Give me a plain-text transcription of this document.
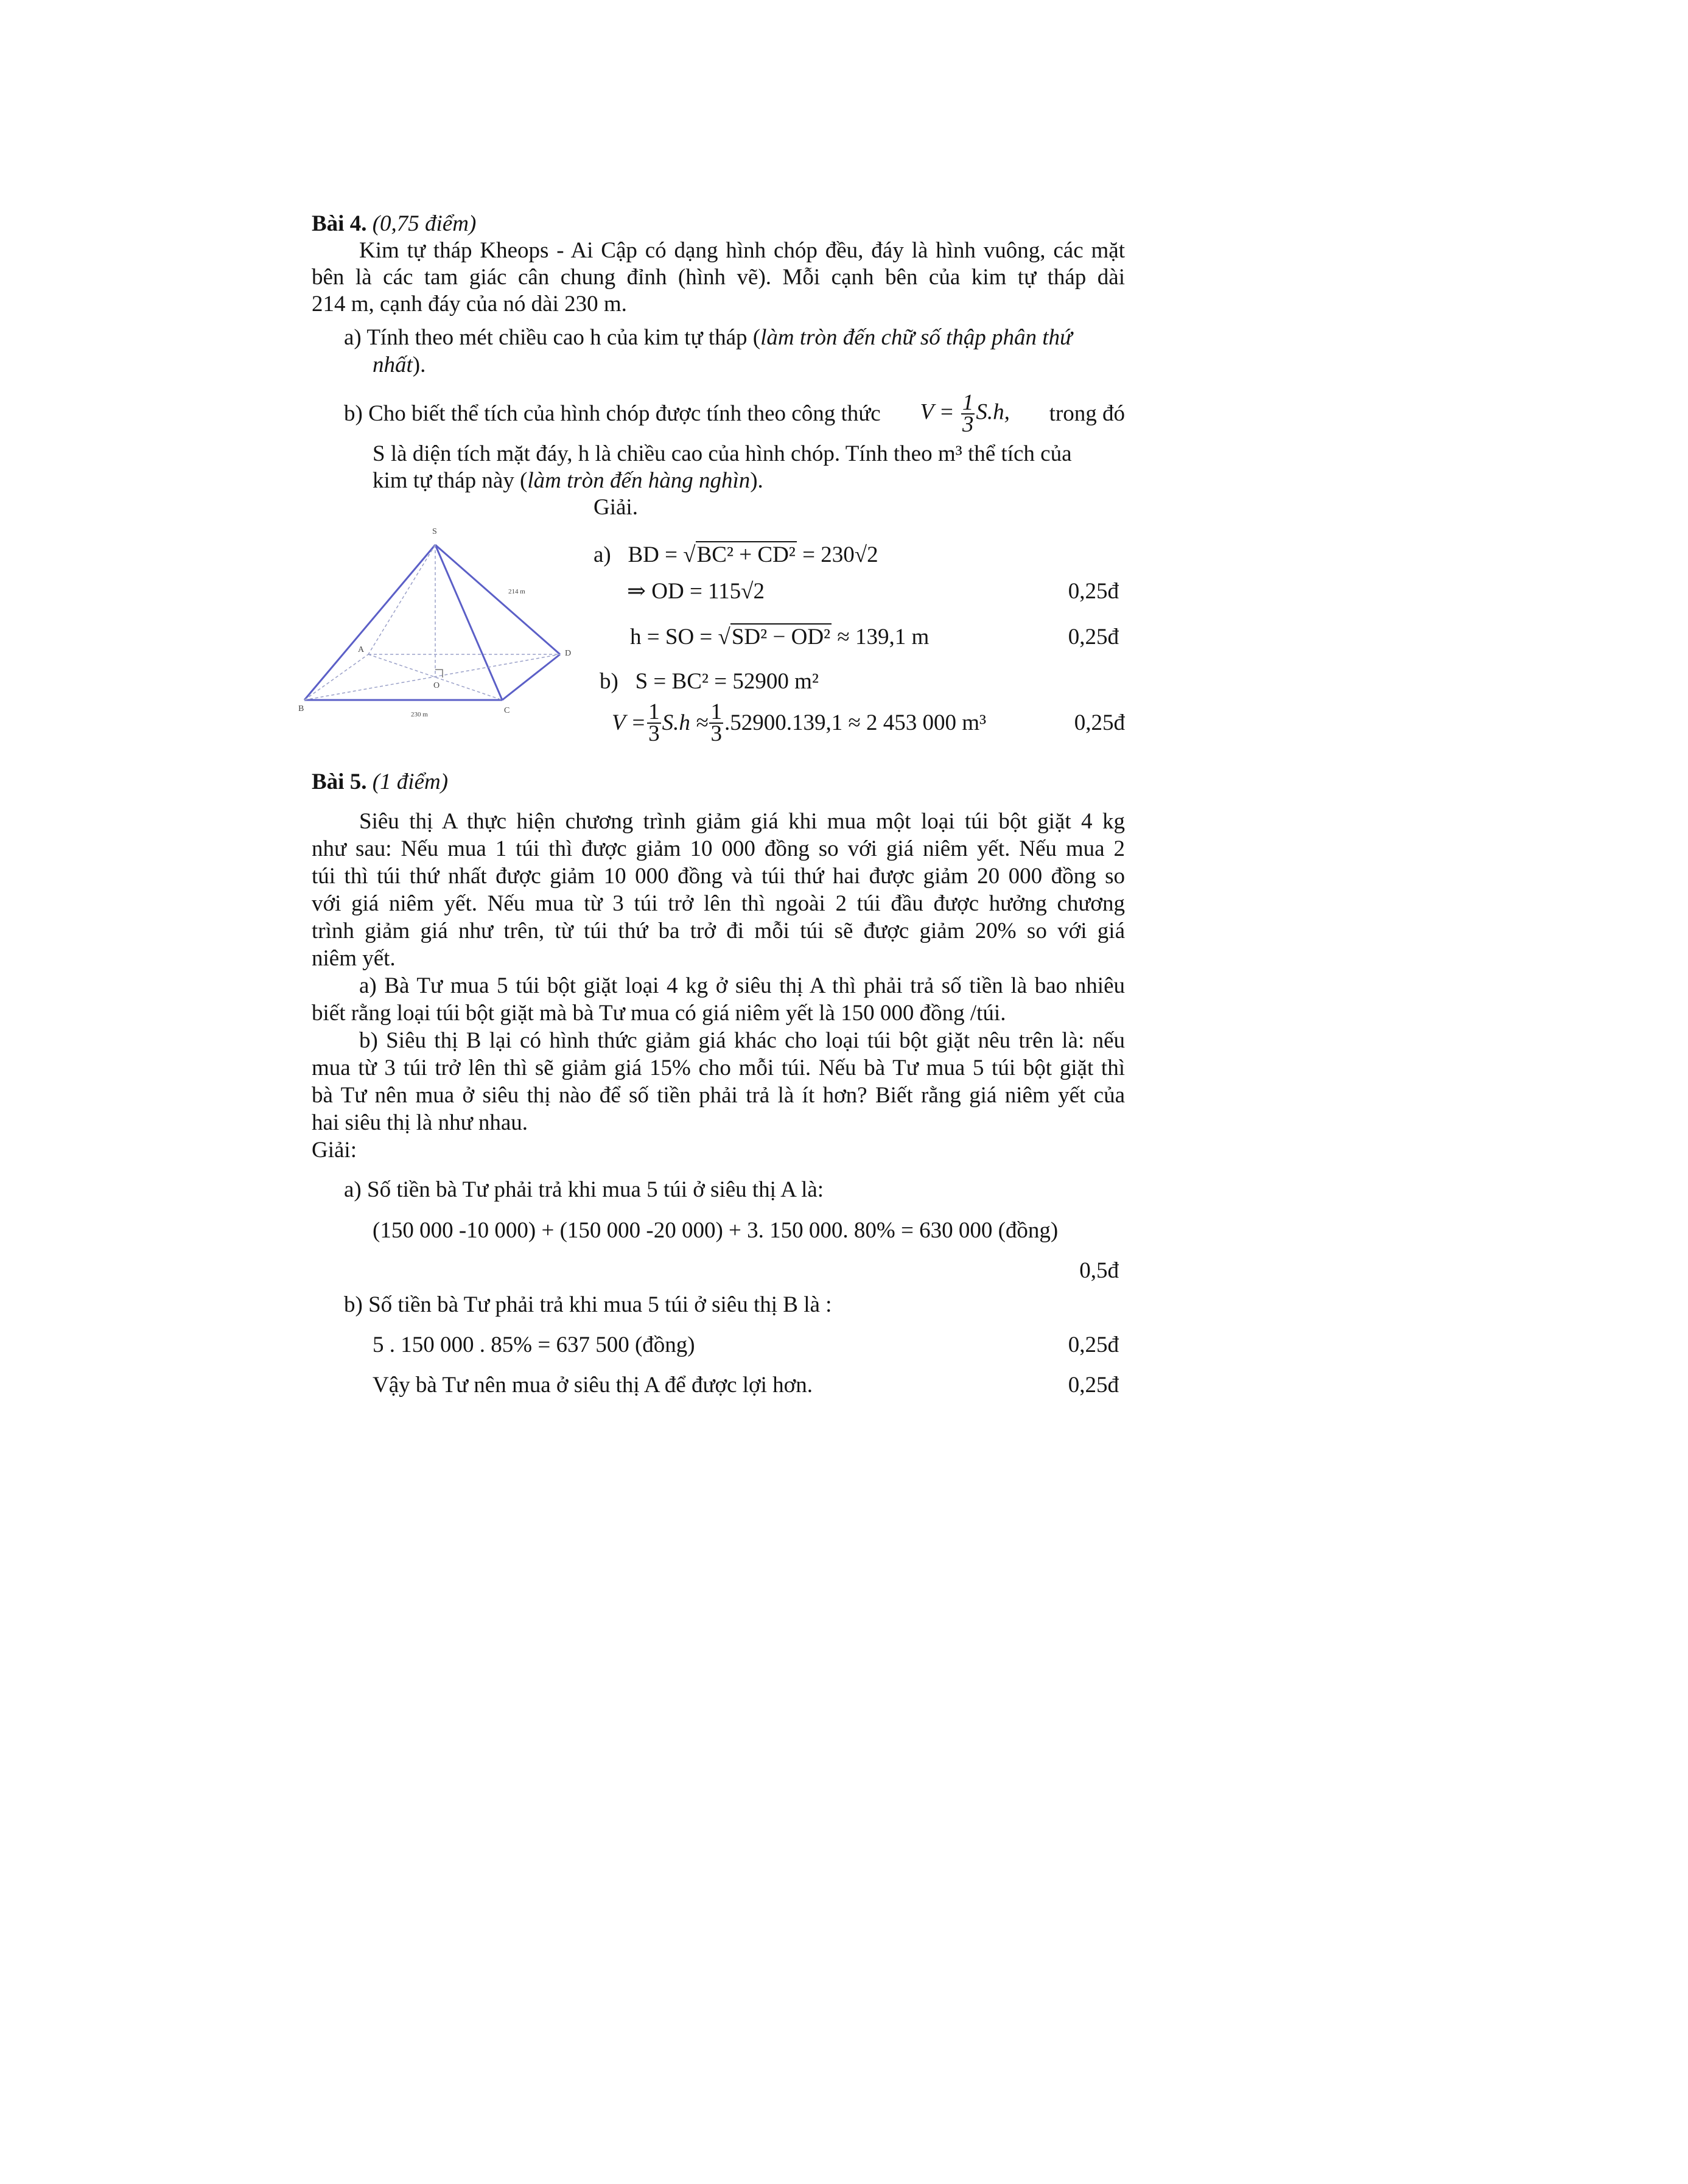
Bài 4. (0,75 điểm)
Kim tự tháp Kheops - Ai Cập có dạng hình chóp đều, đáy là hình vuông, các mặt
bên là các tam giác cân chung đỉnh (hình vẽ). Mỗi cạnh bên của kim tự tháp dài
214 m, cạnh đáy của nó dài 230 m.
a) Tính theo mét chiều cao h của kim tự tháp (làm tròn đến chữ số thập phân thứ
nhất).
b) Cho biết thể tích của hình chóp được tính theo công thức $V = \frac{1}{3} S.h$, trong đó
S là diện tích mặt đáy, h là chiều cao của hình chóp. Tính theo m³ thể tích của
kim tự tháp này (làm tròn đến hàng nghìn).
S
A
B	C
D
O
214 m
230 m
Giải.
a) BD = √BC² + CD² = 230√2
⇒ OD = 115√2	0,25đ
h = SO = √SD² − OD² ≈ 139,1 m	0,25đ
b) S = BC² = 52900 m²
$V = \frac{1}{3} S.h \approx \frac{1}{3} .52900.139,1 \approx 2$ 453 000 m³	0,25đ
Bài 5. (1 điểm)
Siêu thị A thực hiện chương trình giảm giá khi mua một loại túi bột giặt 4 kg
như sau: Nếu mua 1 túi thì được giảm 10 000 đồng so với giá niêm yết. Nếu mua 2
túi thì túi thứ nhất được giảm 10 000 đồng và túi thứ hai được giảm 20 000 đồng so
với giá niêm yết. Nếu mua từ 3 túi trở lên thì ngoài 2 túi đầu được hưởng chương
trình giảm giá như trên, từ túi thứ ba trở đi mỗi túi sẽ được giảm 20% so với giá
niêm yết.
a) Bà Tư mua 5 túi bột giặt loại 4 kg ở siêu thị A thì phải trả số tiền là bao nhiêu
biết rằng loại túi bột giặt mà bà Tư mua có giá niêm yết là 150 000 đồng /túi.
b) Siêu thị B lại có hình thức giảm giá khác cho loại túi bột giặt nêu trên là: nếu
mua từ 3 túi trở lên thì sẽ giảm giá 15% cho mỗi túi. Nếu bà Tư mua 5 túi bột giặt thì
bà Tư nên mua ở siêu thị nào để số tiền phải trả là ít hơn? Biết rằng giá niêm yết của
hai siêu thị là như nhau.
Giải:
a) Số tiền bà Tư phải trả khi mua 5 túi ở siêu thị A là:
(150 000 -10 000) + (150 000 -20 000) + 3. 150 000. 80% = 630 000 (đồng)
0,5đ
b) Số tiền bà Tư phải trả khi mua 5 túi ở siêu thị B là :
5 . 150 000 . 85% = 637 500 (đồng)	0,25đ
Vậy bà Tư nên mua ở siêu thị A để được lợi hơn.	0,25đ
